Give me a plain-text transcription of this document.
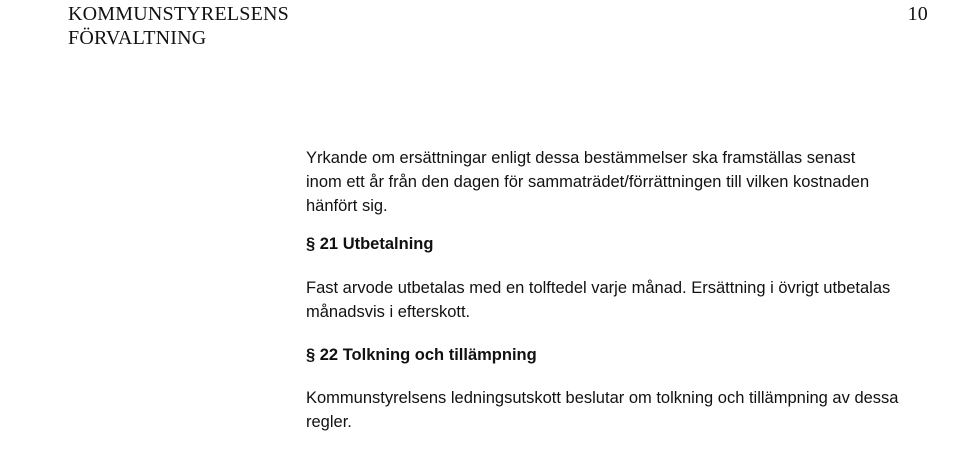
KOMMUNSTYRELSENS
FÖRVALTNING
10

Yrkande om ersättningar enligt dessa bestämmelser ska framställas senast
inom ett år från den dagen för sammaträdet/förrättningen till vilken kostnaden
hänfört sig.

§ 21 Utbetalning

Fast arvode utbetalas med en tolftedel varje månad. Ersättning i övrigt utbetalas
månadsvis i efterskott.

§ 22 Tolkning och tillämpning

Kommunstyrelsens ledningsutskott beslutar om tolkning och tillämpning av dessa
regler.
